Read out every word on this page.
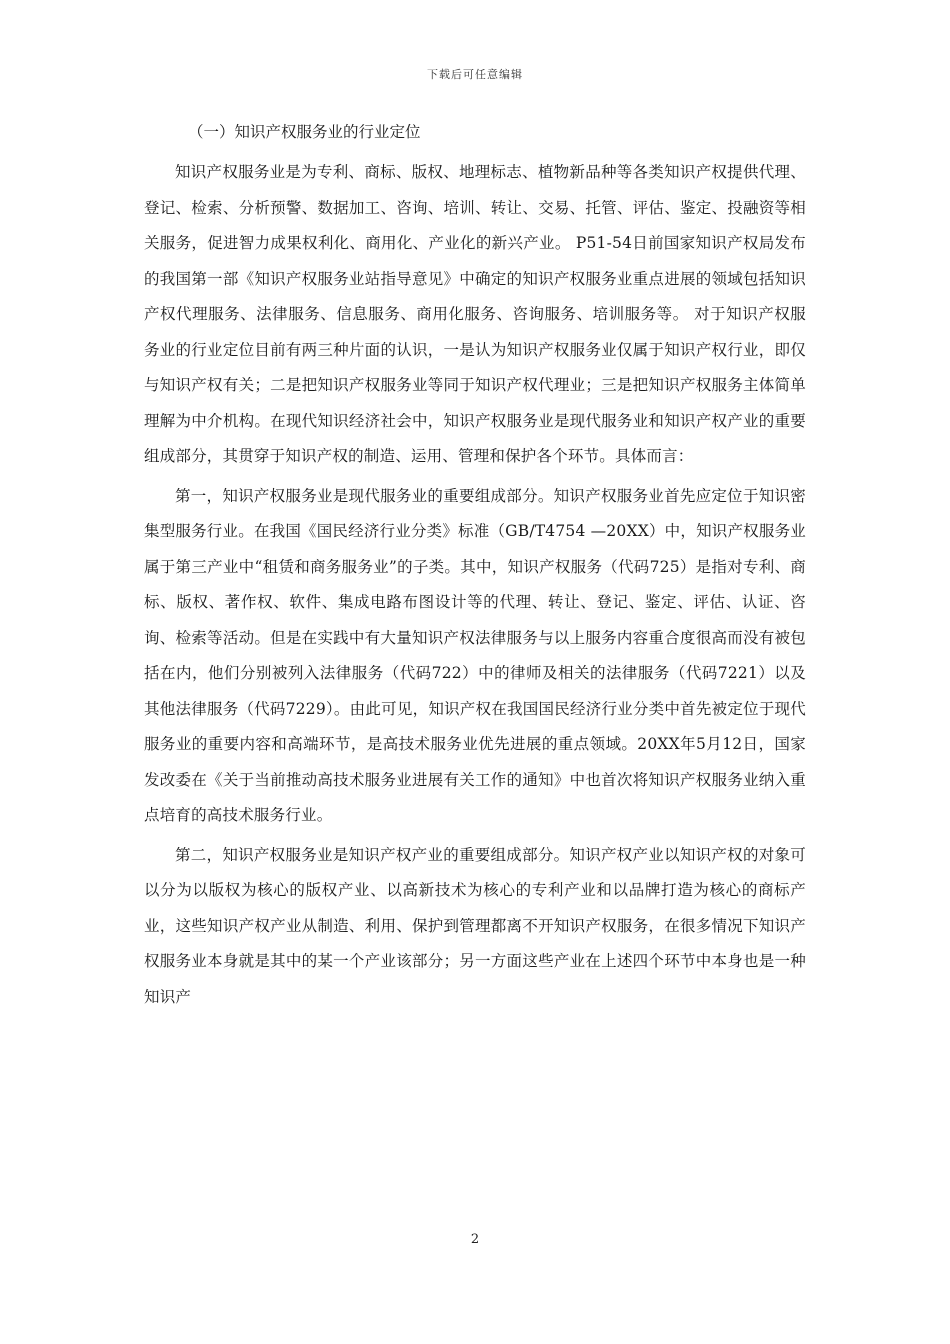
下载后可任意编辑
（一）知识产权服务业的行业定位

知识产权服务业是为专利、商标、版权、地理标志、植物新品种等各类知识产权提供代理、登记、检索、分析预警、数据加工、咨询、培训、转让、交易、托管、评估、鉴定、投融资等相关服务，促进智力成果权利化、商用化、产业化的新兴产业。 P51-54日前国家知识产权局发布的我国第一部《知识产权服务业站指导意见》中确定的知识产权服务业重点进展的领域包括知识产权代理服务、法律服务、信息服务、商用化服务、咨询服务、培训服务等。 对于知识产权服务业的行业定位目前有两三种片面的认识，一是认为知识产权服务业仅属于知识产权行业，即仅与知识产权有关；二是把知识产权服务业等同于知识产权代理业；三是把知识产权服务主体简单理解为中介机构。在现代知识经济社会中，知识产权服务业是现代服务业和知识产权产业的重要组成部分，其贯穿于知识产权的制造、运用、管理和保护各个环节。具体而言：

第一，知识产权服务业是现代服务业的重要组成部分。知识产权服务业首先应定位于知识密集型服务行业。在我国《国民经济行业分类》标准（GB/T4754 —20XX）中，知识产权服务业属于第三产业中“租赁和商务服务业”的子类。其中，知识产权服务（代码725）是指对专利、商标、版权、著作权、软件、集成电路布图设计等的代理、转让、登记、鉴定、评估、认证、咨询、检索等活动。但是在实践中有大量知识产权法律服务与以上服务内容重合度很高而没有被包括在内，他们分别被列入法律服务（代码722）中的律师及相关的法律服务（代码7221）以及其他法律服务（代码7229）。由此可见，知识产权在我国国民经济行业分类中首先被定位于现代服务业的重要内容和高端环节，是高技术服务业优先进展的重点领域。20XX年5月12日，国家发改委在《关于当前推动高技术服务业进展有关工作的通知》中也首次将知识产权服务业纳入重点培育的高技术服务行业。

第二，知识产权服务业是知识产权产业的重要组成部分。知识产权产业以知识产权的对象可以分为以版权为核心的版权产业、以高新技术为核心的专利产业和以品牌打造为核心的商标产业，这些知识产权产业从制造、利用、保护到管理都离不开知识产权服务，在很多情况下知识产权服务业本身就是其中的某一个产业该部分；另一方面这些产业在上述四个环节中本身也是一种知识产

2
